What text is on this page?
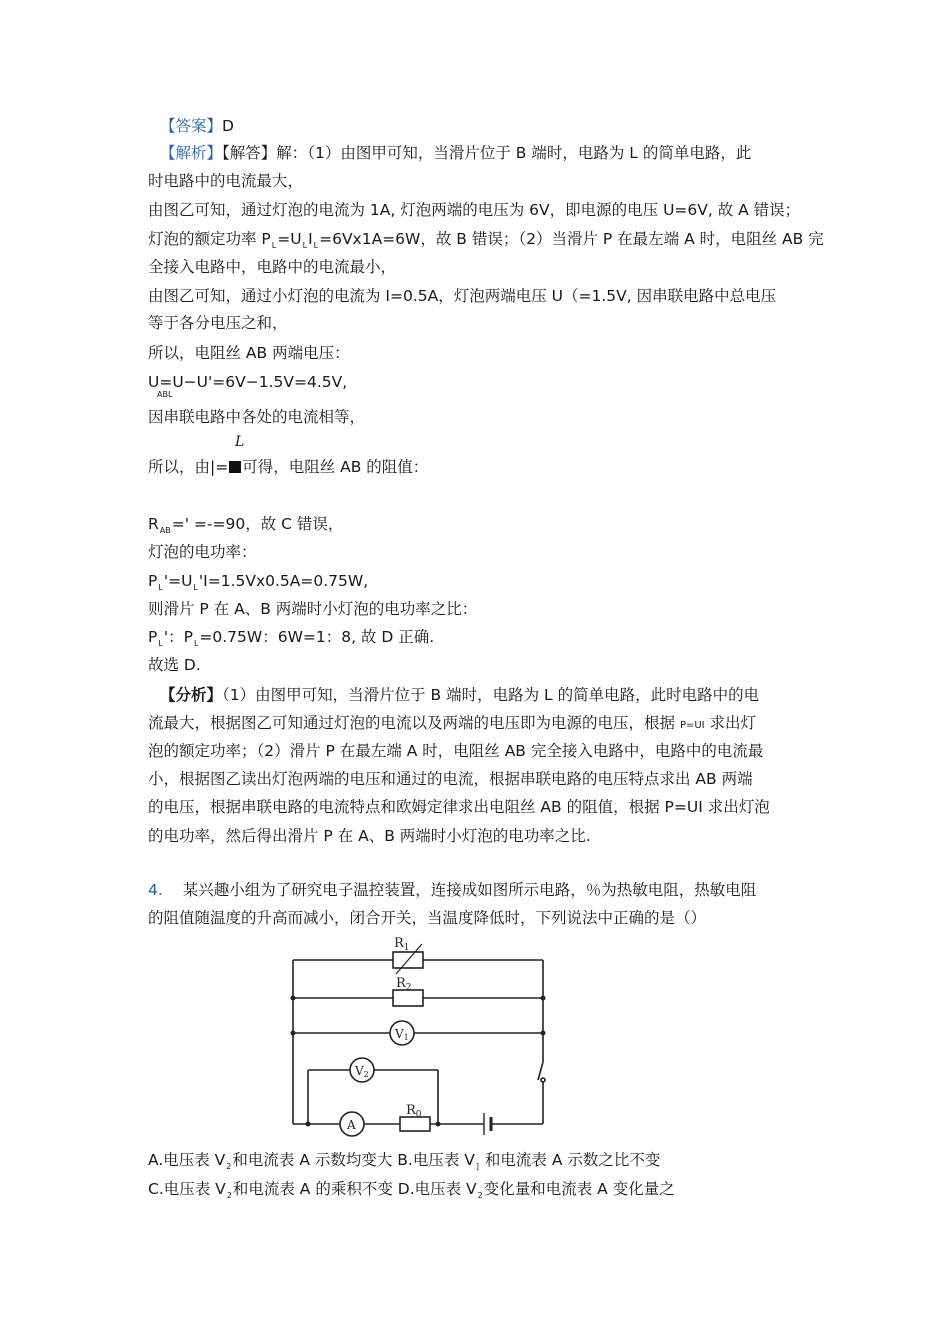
【答案】D
【解析】【解答】解：（1）由图甲可知，当滑片位于 B 端时，电路为 L 的简单电路，此
时电路中的电流最大，
由图乙可知，通过灯泡的电流为 1A, 灯泡两端的电压为 6V，即电源的电压 U=6V, 故 A 错误；
灯泡的额定功率 $P_L=U_LI_L=6Vx1A=6W$，故 B 错误；（2）当滑片 P 在最左端 A 时，电阻丝 AB 完
全接入电路中，电路中的电流最小，
由图乙可知，通过小灯泡的电流为 I=0.5A，灯泡两端电压 U（=1.5V, 因串联电路中总电压
等于各分电压之和，
所以，电阻丝 AB 两端电压：
U=U−U'=6V−1.5V=4.5V,
ABL
因串联电路中各处的电流相等，
L
所以，由|= 可得，电阻丝 AB 的阻值：
$R_{AB}=' =-=90$，故 C 错误，
灯泡的电功率：
$P_L'=U_L'I=1.5Vx0.5A=0.75W$,
则滑片 P 在 A、B 两端时小灯泡的电功率之比：
$P_L'$：$P_L=0.75W$：6W=1：8, 故 D 正确.
故选 D.
【分析】（1）由图甲可知，当滑片位于 B 端时，电路为 L 的简单电路，此时电路中的电
流最大，根据图乙可知通过灯泡的电流以及两端的电压即为电源的电压，根据 P=UI 求出灯
泡的额定功率；（2）滑片 P 在最左端 A 时，电阻丝 AB 完全接入电路中，电路中的电流最
小，根据图乙读出灯泡两端的电压和通过的电流，根据串联电路的电压特点求出 AB 两端
的电压，根据串联电路的电流特点和欧姆定律求出电阻丝 AB 的阻值，根据 P=UI 求出灯泡
的电功率，然后得出滑片 P 在 A、B 两端时小灯泡的电功率之比.
4. 某兴趣小组为了研究电子温控装置，连接成如图所示电路，％为热敏电阻，热敏电阻
的阻值随温度的升高而减小，闭合开关，当温度降低时，下列说法中正确的是（）
$R_1$
$R_2$
V1
V2
A
$R_0$
A.电压表 $V_2$和电流表 A 示数均变大 B.电压表 $V_]$ 和电流表 A 示数之比不变
C.电压表 $V_2$和电流表 A 的乘积不变 D.电压表 $V_2$变化量和电流表 A 变化量之
